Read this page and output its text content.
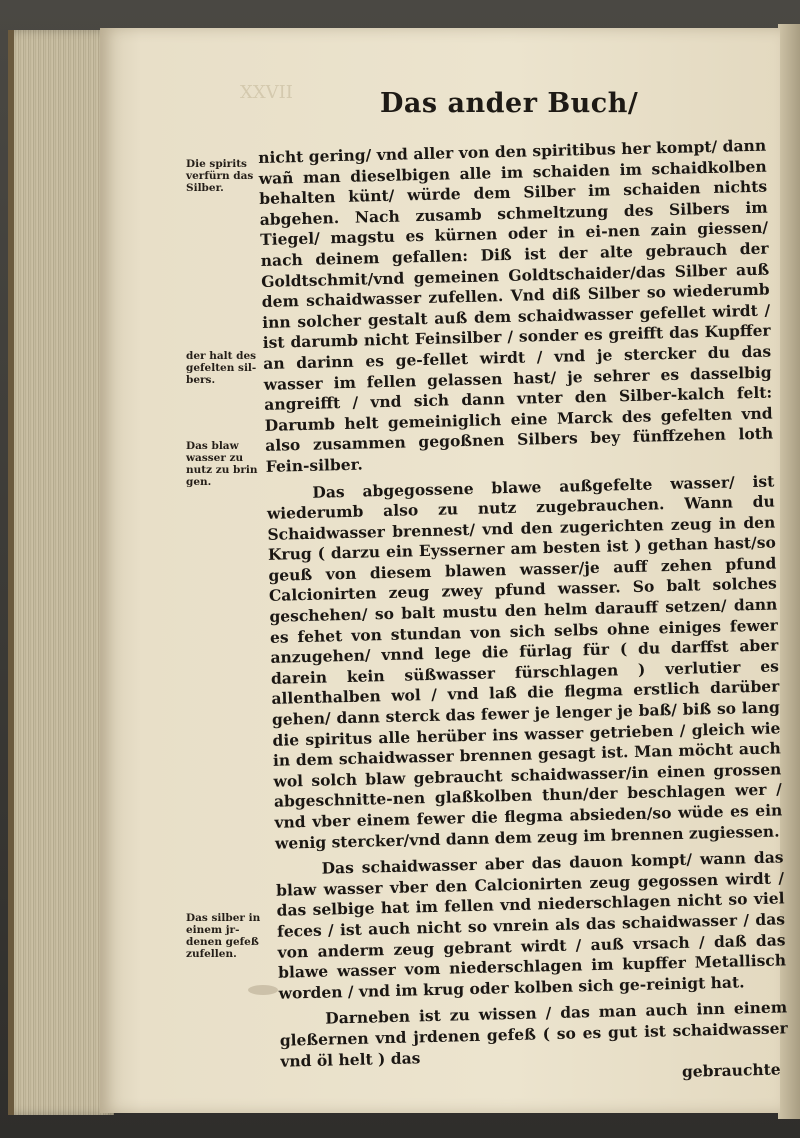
XXVII	Das ander Buch/
Die spirits verfürn das Silber.
der halt des gefelten sil-bers.
Das blaw wasser zu nutz zu brin gen.
Das silber in einem jr-denen gefeß zufellen.

nicht gering/ vnd aller von den spiritibus her kompt/ dann wañ man dieselbigen alle im schaiden im schaidkolben behalten künt/ würde dem Silber im schaiden nichts abgehen. Nach zusamb schmeltzung des Silbers im Tiegel/ magstu es kürnen oder in ei-nen zain giessen/ nach deinem gefallen: Diß ist der alte gebrauch der Goldtschmit/vnd gemeinen Goldtschaider/das Silber auß dem schaidwasser zufellen. Vnd diß Silber so wiederumb inn solcher gestalt auß dem schaidwasser gefellet wirdt / ist darumb nicht Feinsilber / sonder es greifft das Kupffer an darinn es ge-fellet wirdt / vnd je stercker du das wasser im fellen gelassen hast/ je sehrer es dasselbig angreifft / vnd sich dann vnter den Silber-kalch felt: Darumb helt gemeiniglich eine Marck des gefelten vnd also zusammen gegoßnen Silbers bey fünffzehen loth Fein-silber.

Das abgegossene blawe außgefelte wasser/ ist wiederumb also zu nutz zugebrauchen. Wann du Schaidwasser brennest/ vnd den zugerichten zeug in den Krug ( darzu ein Eysserner am besten ist ) gethan hast/so geuß von diesem blawen wasser/je auff zehen pfund Calcionirten zeug zwey pfund wasser. So balt solches geschehen/ so balt mustu den helm darauff setzen/ dann es fehet von stundan von sich selbs ohne einiges fewer anzugehen/ vnnd lege die fürlag für ( du darffst aber darein kein süßwasser fürschlagen ) verlutier es allenthalben wol / vnd laß die flegma erstlich darüber gehen/ dann sterck das fewer je lenger je baß/ biß so lang die spiritus alle herüber ins wasser getrieben / gleich wie in dem schaidwasser brennen gesagt ist. Man möcht auch wol solch blaw gebraucht schaidwasser/in einen grossen abgeschnitte-nen glaßkolben thun/der beschlagen wer / vnd vber einem fewer die flegma absieden/so wüde es ein wenig stercker/vnd dann dem zeug im brennen zugiessen.

Das schaidwasser aber das dauon kompt/ wann das blaw wasser vber den Calcionirten zeug gegossen wirdt / das selbige hat im fellen vnd niederschlagen nicht so viel feces / ist auch nicht so vnrein als das schaidwasser / das von anderm zeug gebrant wirdt / auß vrsach / daß das blawe wasser vom niederschlagen im kupffer Metallisch worden / vnd im krug oder kolben sich ge-reinigt hat.

Darneben ist zu wissen / das man auch inn einem gleßernen vnd jrdenen gefeß ( so es gut ist schaidwasser vnd öl helt ) das

gebrauchte
